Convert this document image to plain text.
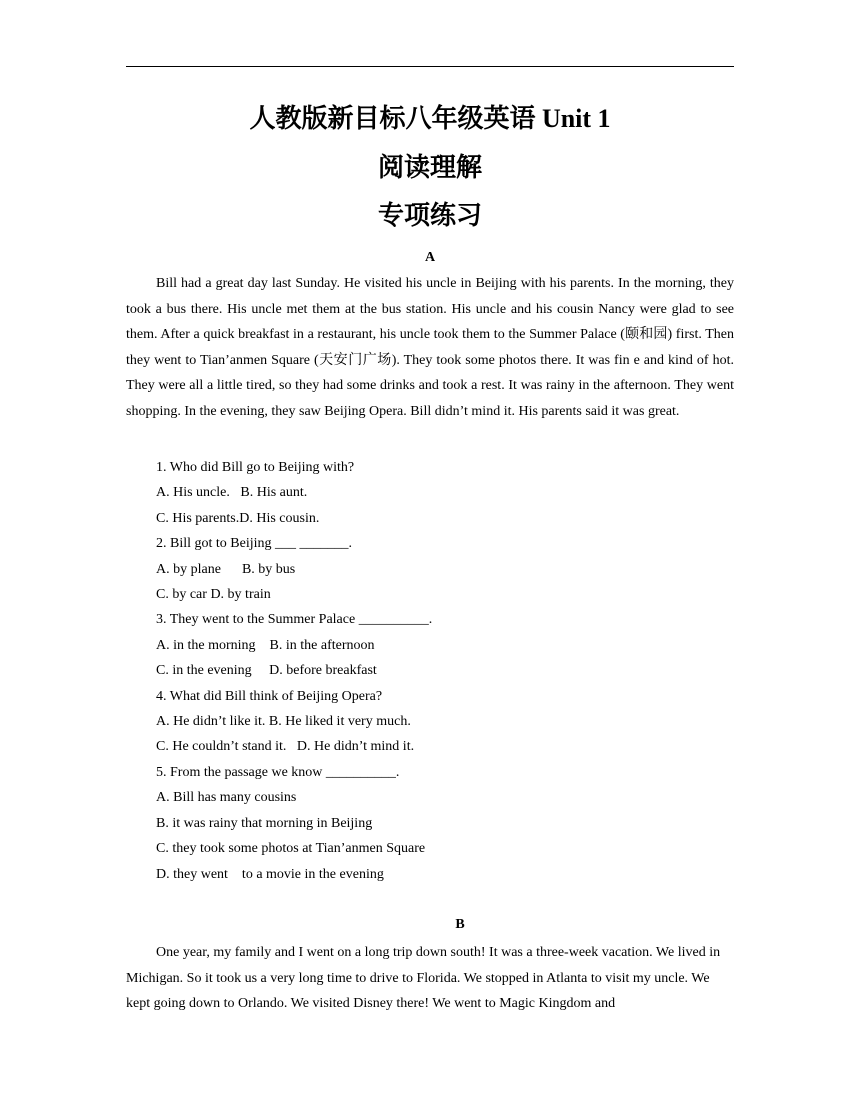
人教版新目标八年级英语 Unit 1
阅读理解
专项练习
A
Bill had a great day last Sunday. He visited his uncle in Beijing with his parents. In the morning, they took a bus there. His uncle met them at the bus station. His uncle and his cousin Nancy were glad to see them. After a quick breakfast in a restaurant, his uncle took them to the Summer Palace (颐和园) first. Then they went to Tian’anmen Square (天安门广场). They took some photos there. It was fin e and kind of hot. They were all a little tired, so they had some drinks and took a rest. It was rainy in the afternoon. They went shopping. In the evening, they saw Beijing Opera. Bill didn’t mind it. His parents said it was great.
1. Who did Bill go to Beijing with?
A. His uncle. B. His aunt.
C. His parents.D. His cousin.
2. Bill got to Beijing ___ _______.
A. by plane B. by bus
C. by car D. by train
3. They went to the Summer Palace __________.
A. in the morning B. in the afternoon
C. in the evening D. before breakfast
4. What did Bill think of Beijing Opera?
A. He didn’t like it. B. He liked it very much.
C. He couldn’t stand it. D. He didn’t mind it.
5. From the passage we know __________.
A. Bill has many cousins
B. it was rainy that morning in Beijing
C. they took some photos at Tian’anmen Square
D. they went    to a movie in the evening
B
One year, my family and I went on a long trip down south! It was a three-week vacation. We lived in Michigan. So it took us a very long time to drive to Florida. We stopped in Atlanta to visit my uncle. We kept going down to Orlando. We visited Disney there! We went to Magic Kingdom and
